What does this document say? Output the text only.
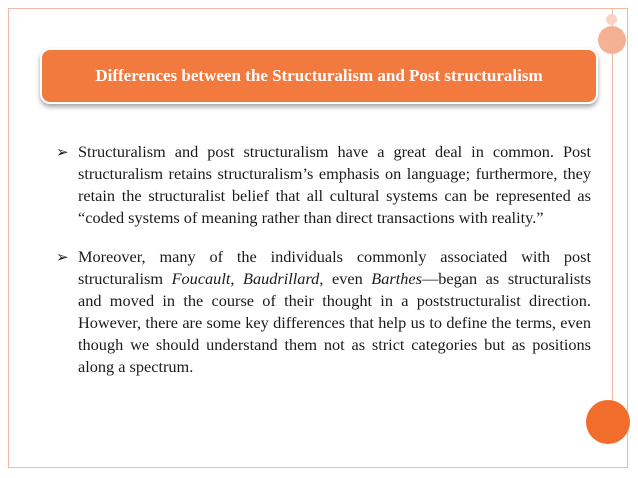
Differences between the Structuralism and Post structuralism
➢ Structuralism and post structuralism have a great deal in common. Post structuralism retains structuralism’s emphasis on language; furthermore, they retain the structuralist belief that all cultural systems can be represented as “coded systems of meaning rather than direct transactions with reality.”
➢ Moreover, many of the individuals commonly associated with post structuralism Foucault, Baudrillard, even Barthes—began as structuralists and moved in the course of their thought in a poststructuralist direction. However, there are some key differences that help us to define the terms, even though we should understand them not as strict categories but as positions along a spectrum.
